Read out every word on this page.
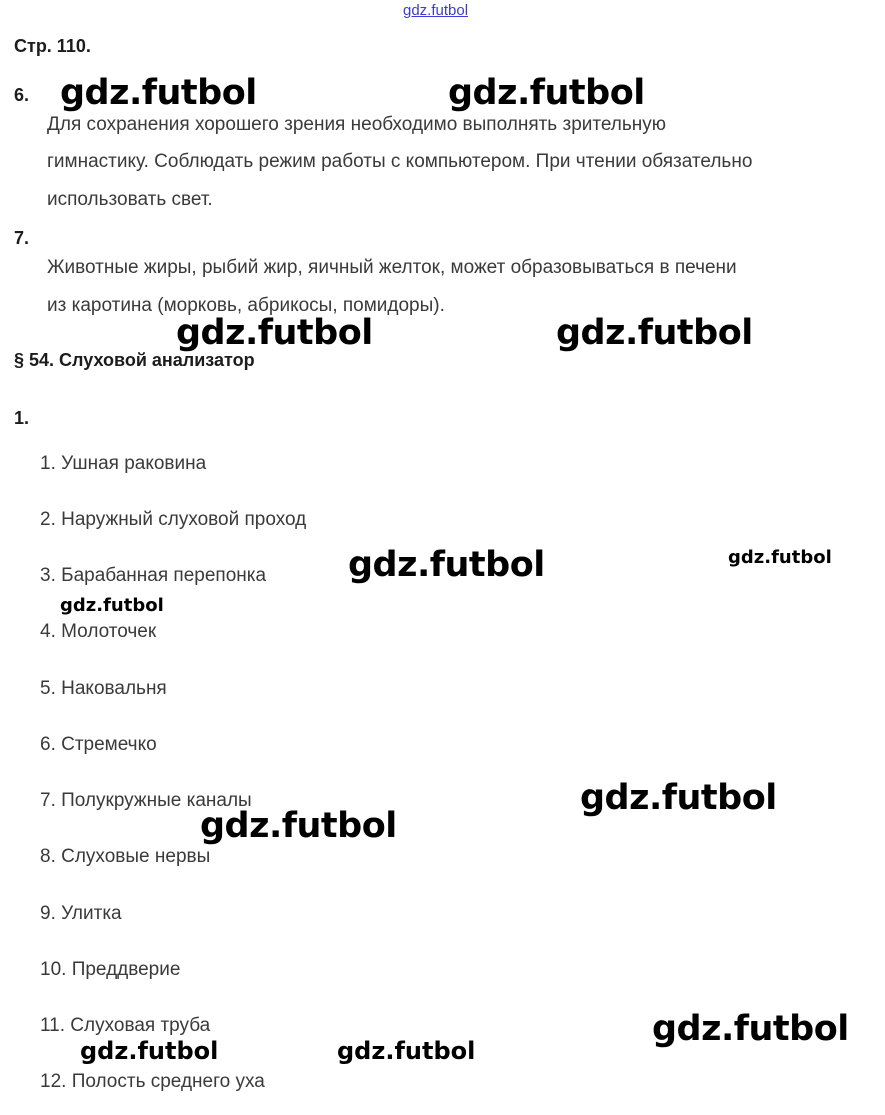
gdz.futbol
Стр. 110.
6.
Для сохранения хорошего зрения необходимо выполнять зрительную
гимнастику. Соблюдать режим работы с компьютером. При чтении обязательно
использовать свет.
7.
Животные жиры, рыбий жир, яичный желток, может образовываться в печени
из каротина (морковь, абрикосы, помидоры).
§ 54. Слуховой анализатор
1.
1. Ушная раковина
2. Наружный слуховой проход
3. Барабанная перепонка
4. Молоточек
5. Наковальня
6. Стремечко
7. Полукружные каналы
8. Слуховые нервы
9. Улитка
10. Преддверие
11. Слуховая труба
12. Полость среднего уха
gdz.futbol	gdz.futbol
gdz.futbol	gdz.futbol
gdz.futbol	gdz.futbol
gdz.futbol
gdz.futbol
gdz.futbol
gdz.futbol
gdz.futbol	gdz.futbol
